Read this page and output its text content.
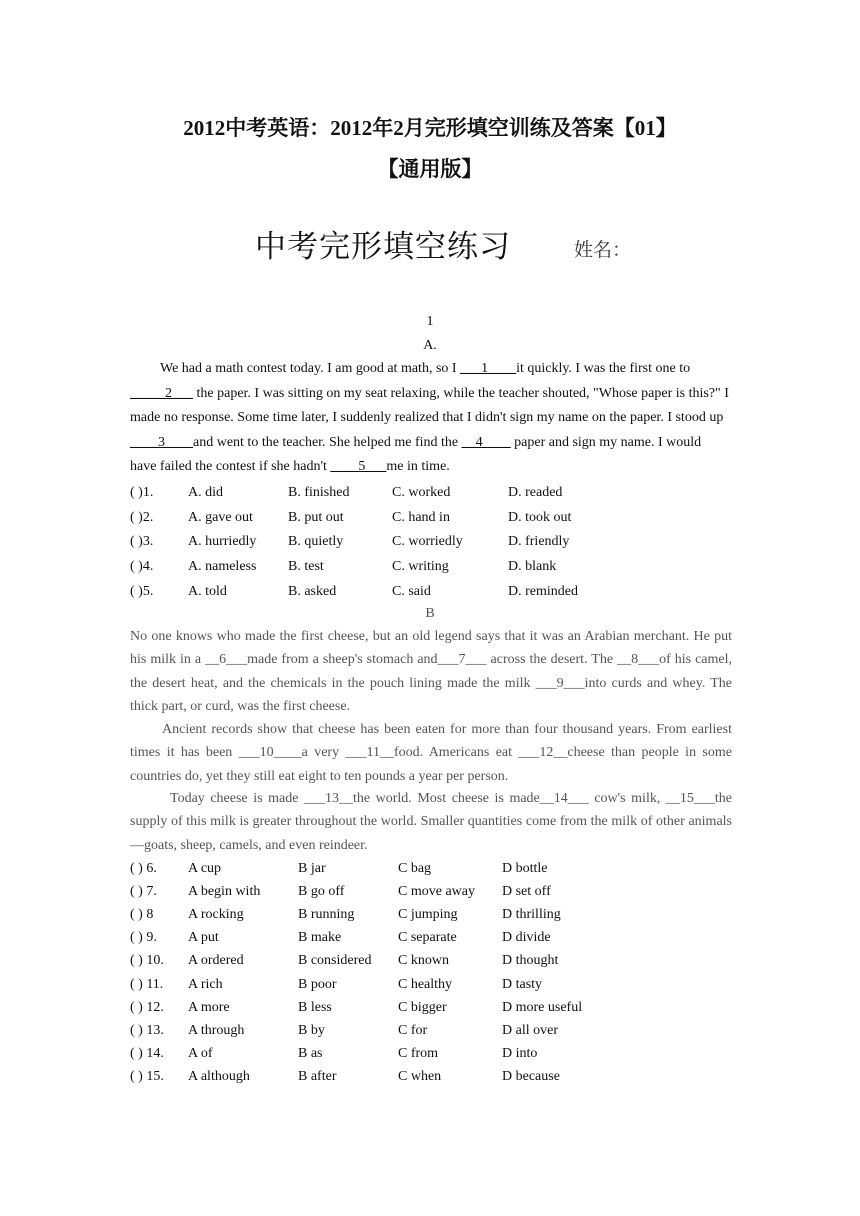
2012中考英语：2012年2月完形填空训练及答案【01】
【通用版】
中考完形填空练习	姓名：
1
A.
We had a math contest today. I am good at math, so I ___1____it quickly. I was the first one to _____2___ the paper. I was sitting on my seat relaxing, while the teacher shouted, "Whose paper is this?" I made no response. Some time later, I suddenly realized that I didn't sign my name on the paper. I stood up ____3____and went to the teacher. She helped me find the __4____ paper and sign my name. I would have failed the contest if she hadn't ____5___me in time.
( )1. A. did	B. finished	C. worked	D. readed
( )2. A. gave out	B. put out	C. hand in	D. took out
( )3. A. hurriedly B. quietly	C. worriedly	D. friendly
( )4. A. nameless B. test	C. writing	D. blank
( )5. A. told	B. asked	C. said	D. reminded
B
No one knows who made the first cheese, but an old legend says that it was an Arabian merchant. He put his milk in a __6___made from a sheep's stomach and___7___ across the desert. The __8___of his camel, the desert heat, and the chemicals in the pouch lining made the milk ___9___into curds and whey. The thick part, or curd, was the first cheese.
Ancient records show that cheese has been eaten for more than four thousand years. From earliest times it has been ___10____a very ___11__food. Americans eat ___12__cheese than people in some countries do, yet they still eat eight to ten pounds a year per person.
Today cheese is made ___13__the world. Most cheese is made__14___ cow's milk, __15___the supply of this milk is greater throughout the world. Smaller quantities come from the milk of other animals—goats, sheep, camels, and even reindeer.
( ) 6. A cup	B jar	C bag	D bottle
( ) 7. A begin with	B go off	C move away D set off
( ) 8 A rocking	B running	C jumping	D thrilling
( ) 9. A put	B make	C separate	D divide
( ) 10. A ordered	B considered C known	D thought
( ) 11. A rich	B poor	C healthy	D tasty
( ) 12. A more	B less	C bigger	D more useful
( ) 13. A through	B by	C for	D all over
( ) 14. A of	B as	C from	D into
( ) 15. A although	B after	C when	D because
